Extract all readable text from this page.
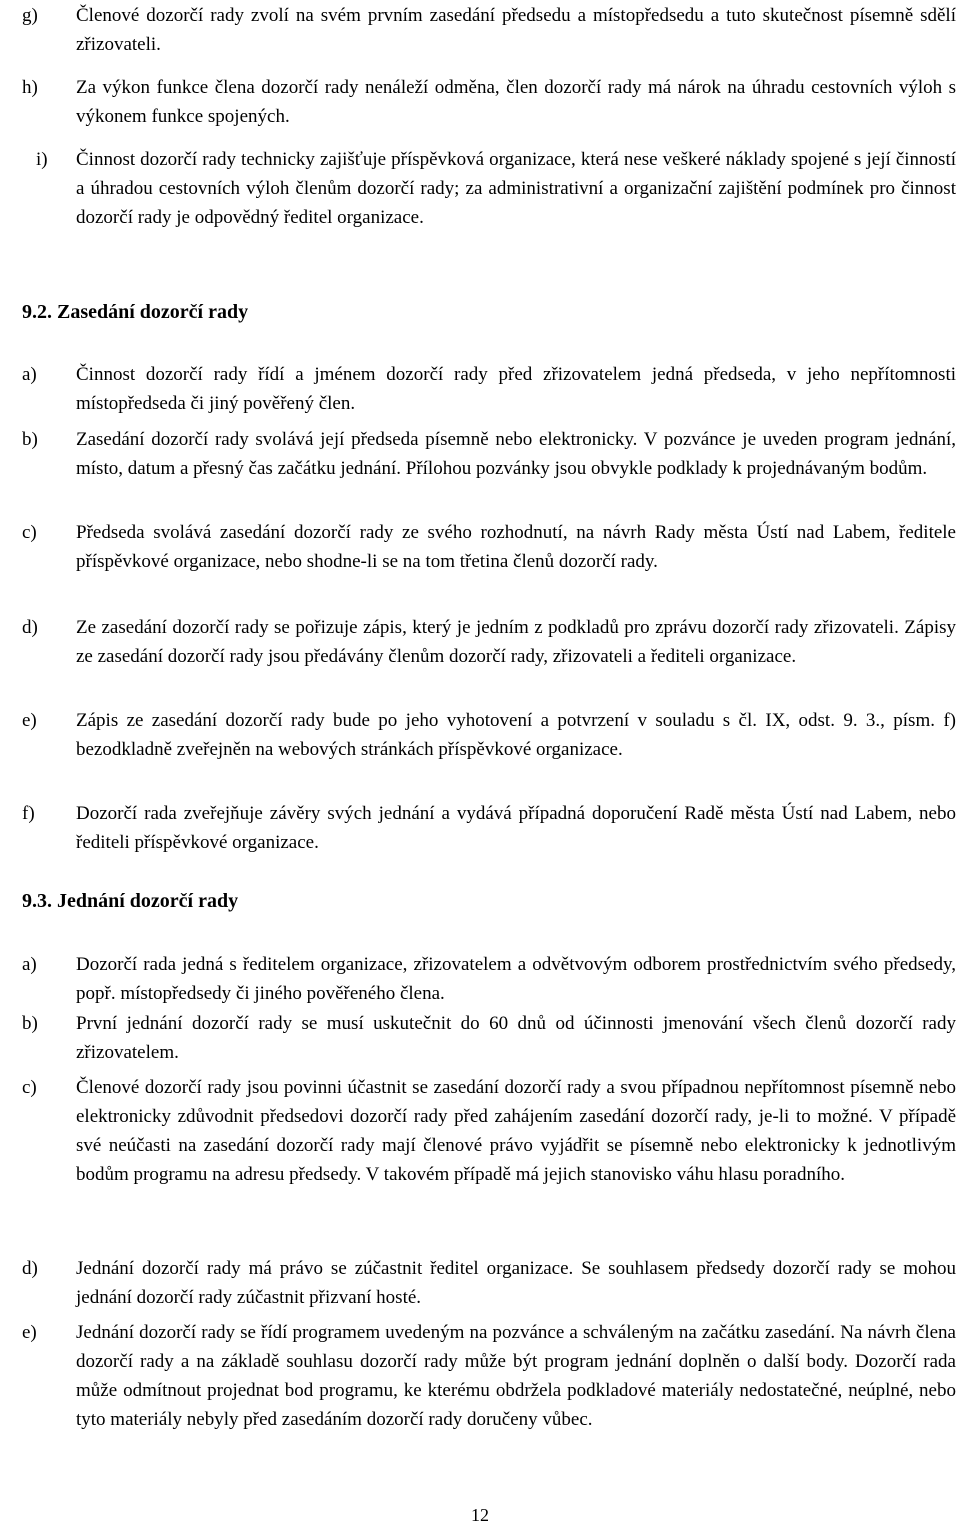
g) Členové dozorčí rady zvolí na svém prvním zasedání předsedu a místopředsedu a tuto skutečnost písemně sdělí zřizovateli.
h) Za výkon funkce člena dozorčí rady nenáleží odměna, člen dozorčí rady má nárok na úhradu cestovních výloh s výkonem funkce spojených.
i) Činnost dozorčí rady technicky zajišťuje příspěvková organizace, která nese veškeré náklady spojené s její činností a úhradou cestovních výloh členům dozorčí rady; za administrativní a organizační zajištění podmínek pro činnost dozorčí rady je odpovědný ředitel organizace.
9.2. Zasedání dozorčí rady
a) Činnost dozorčí rady řídí a jménem dozorčí rady před zřizovatelem jedná předseda, v jeho nepřítomnosti místopředseda či jiný pověřený člen.
b) Zasedání dozorčí rady svolává její předseda písemně nebo elektronicky. V pozvánce je uveden program jednání, místo, datum a přesný čas začátku jednání. Přílohou pozvánky jsou obvykle podklady k projednávaným bodům.
c) Předseda svolává zasedání dozorčí rady ze svého rozhodnutí, na návrh Rady města Ústí nad Labem, ředitele příspěvkové organizace, nebo shodne-li se na tom třetina členů dozorčí rady.
d) Ze zasedání dozorčí rady se pořizuje zápis, který je jedním z podkladů pro zprávu dozorčí rady zřizovateli. Zápisy ze zasedání dozorčí rady jsou předávány členům dozorčí rady, zřizovateli a řediteli organizace.
e) Zápis ze zasedání dozorčí rady bude po jeho vyhotovení a potvrzení v souladu s čl. IX, odst. 9. 3., písm. f) bezodkladně zveřejněn na webových stránkách příspěvkové organizace.
f) Dozorčí rada zveřejňuje závěry svých jednání a vydává případná doporučení Radě města Ústí nad Labem, nebo řediteli příspěvkové organizace.
9.3. Jednání dozorčí rady
a) Dozorčí rada jedná s ředitelem organizace, zřizovatelem a odvětvovým odborem prostřednictvím svého předsedy, popř. místopředsedy či jiného pověřeného člena.
b) První jednání dozorčí rady se musí uskutečnit do 60 dnů od účinnosti jmenování všech členů dozorčí rady zřizovatelem.
c) Členové dozorčí rady jsou povinni účastnit se zasedání dozorčí rady a svou případnou nepřítomnost písemně nebo elektronicky zdůvodnit předsedovi dozorčí rady před zahájením zasedání dozorčí rady, je-li to možné. V případě své neúčasti na zasedání dozorčí rady mají členové právo vyjádřit se písemně nebo elektronicky k jednotlivým bodům programu na adresu předsedy. V takovém případě má jejich stanovisko váhu hlasu poradního.
d) Jednání dozorčí rady má právo se zúčastnit ředitel organizace. Se souhlasem předsedy dozorčí rady se mohou jednání dozorčí rady zúčastnit přizvaní hosté.
e) Jednání dozorčí rady se řídí programem uvedeným na pozvánce a schváleným na začátku zasedání. Na návrh člena dozorčí rady a na základě souhlasu dozorčí rady může být program jednání doplněn o další body. Dozorčí rada může odmítnout projednat bod programu, ke kterému obdržela podkladové materiály nedostatečné, neúplné, nebo tyto materiály nebyly před zasedáním dozorčí rady doručeny vůbec.
12
